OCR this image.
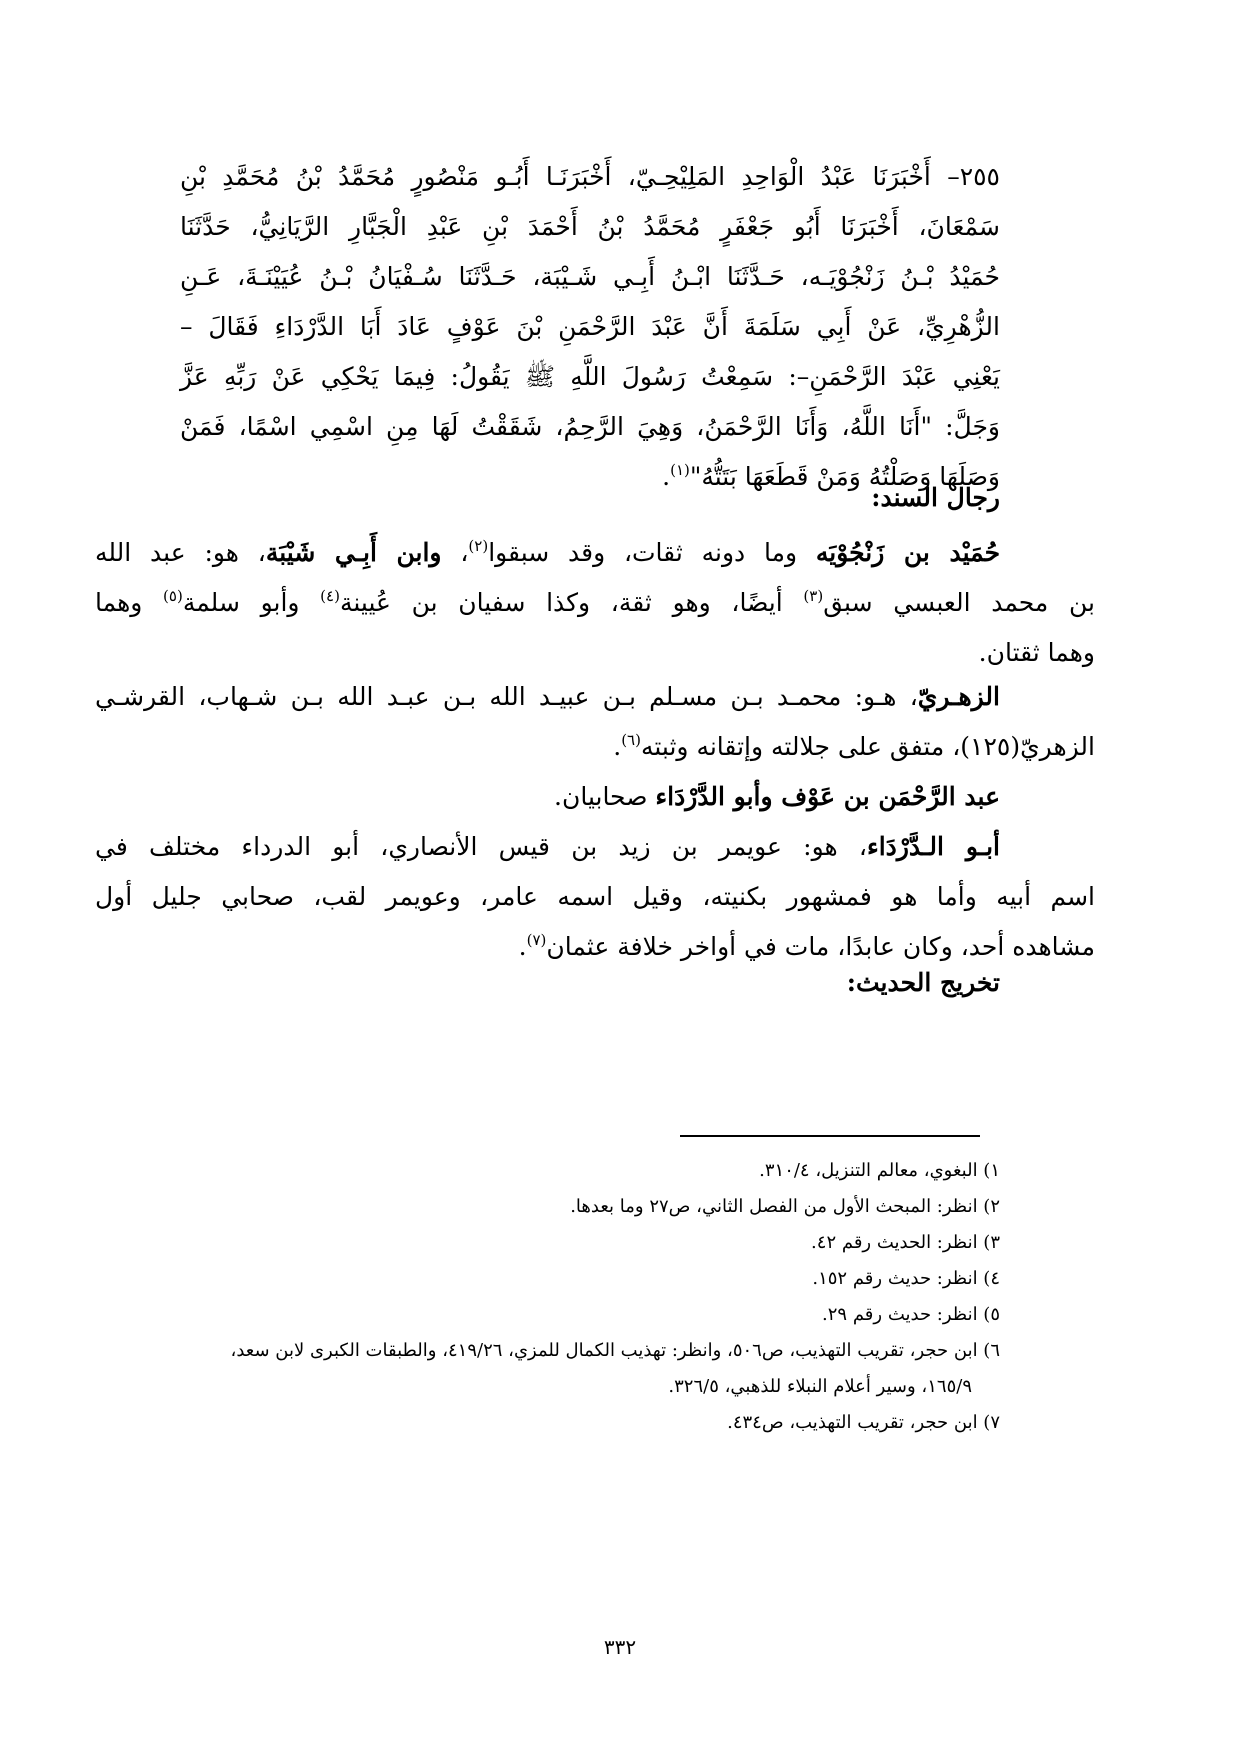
٢٥٥– أَخْبَرَنَا عَبْدُ الْوَاحِدِ المَلِيْحِـيّ، أَخْبَرَنَـا أَبُـو مَنْصُورٍ مُحَمَّدُ بْنُ مُحَمَّدِ بْنِ
سَمْعَانَ، أَخْبَرَنَا أَبُو جَعْفَرٍ مُحَمَّدُ بْنُ أَحْمَدَ بْنِ عَبْدِ الْجَبَّارِ الرَّيَانِيُّ، حَدَّثَنَا
حُمَيْدُ بْـنُ زَنْجُوْيَـه، حَـدَّثَنَا ابْـنُ أَبِـي شَـيْبَة، حَـدَّثَنَا سُـفْيَانُ بْـنُ عُيَيْنَـةَ، عَـنِ
الزُّهْرِيِّ، عَنْ أَبِي سَلَمَةَ أَنَّ عَبْدَ الرَّحْمَنِ بْنَ عَوْفٍ عَادَ أَبَا الدَّرْدَاءِ فَقَالَ –
يَعْنِي عَبْدَ الرَّحْمَنِ–: سَمِعْتُ رَسُولَ اللَّهِ ﷺ يَقُولُ: فِيمَا يَحْكِي عَنْ رَبِّهِ عَزَّ
وَجَلَّ: "أَنَا اللَّهُ، وَأَنَا الرَّحْمَنُ، وَهِيَ الرَّحِمُ، شَقَقْتُ لَهَا مِنِ اسْمِي اسْمًا، فَمَنْ
وَصَلَهَا وَصَلْتُهُ وَمَنْ قَطَعَهَا بَتَتُّهُ"$^{(١)}$.
رجال السند:
حُمَيْد بن زَنْجُوْيَه وما دونه ثقات، وقد سبقوا$^{(٢)}$، وابن أَبِـي شَيْبَة، هو: عبد الله
بن محمد العبسي سبق$^{(٣)}$ أيضًا، وهو ثقة، وكذا سفيان بن عُيينة$^{(٤)}$ وأبو سلمة$^{(٥)}$ وهما
وهما ثقتان.
الزهـريّ، هـو: محمـد بـن مسـلم بـن عبيـد الله بـن عبـد الله بـن شـهاب، القرشـي
الزهريّ(١٢٥)، متفق على جلالته وإتقانه وثبته$^{(٦)}$.
عبد الرَّحْمَن بن عَوْف وأبو الدَّرْدَاء صحابيان.
أبـو الـدَّرْدَاء، هو: عويمر بن زيد بن قيس الأنصاري، أبو الدرداء مختلف في
اسم أبيه وأما هو فمشهور بكنيته، وقيل اسمه عامر، وعويمر لقب، صحابي جليل أول
مشاهده أحد، وكان عابدًا، مات في أواخر خلافة عثمان$^{(٧)}$.
تخريج الحديث:
١) البغوي، معالم التنزيل، ٣١٠/٤.
٢) انظر: المبحث الأول من الفصل الثاني، ص٢٧ وما بعدها.
٣) انظر: الحديث رقم ٤٢.
٤) انظر: حديث رقم ١٥٢.
٥) انظر: حديث رقم ٢٩.
٦) ابن حجر، تقريب التهذيب، ص٥٠٦، وانظر: تهذيب الكمال للمزي، ٤١٩/٢٦، والطبقات الكبرى لابن سعد،
١٦٥/٩، وسير أعلام النبلاء للذهبي، ٣٢٦/٥.
٧) ابن حجر، تقريب التهذيب، ص٤٣٤.
٣٣٢
